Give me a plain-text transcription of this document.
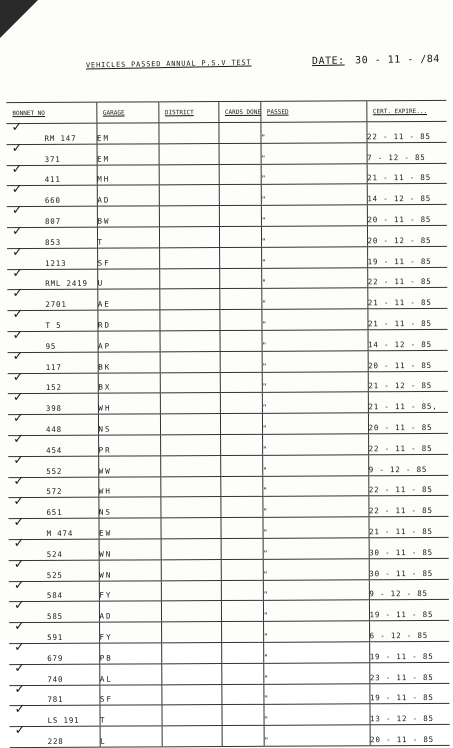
VEHICLES PASSED ANNUAL P.S.V TEST	DATE: 30 - 11 - /84
BONNET NO	GARAGE	DISTRICT	CARDS DONE	PASSED	CERT. EXPIRE...

✓
RM 147	EM			"	22 - 11 - 85

✓
371	EM			"	7 - 12 - 85

✓
411	MH			"	21 - 11 - 85

✓
660	AD			"	14 - 12 - 85

✓
807	BW			"	20 - 11 - 85

✓
853	T			"	20 - 12 - 85

✓
1213	SF			"	19 - 11 - 85

✓
RML 2419	U			"	22 - 11 - 85

✓
2701	AE			"	21 - 11 - 85

✓
T 5	RD			"	21 - 11 - 85

✓
95	AP			"	14 - 12 - 85

✓
117	BK			"	20 - 11 - 85

✓
152	BX			"	21 - 12 - 85

✓
398	WH			"	21 - 11 - 85,

✓
448	NS			"	20 - 11 - 85

✓
454	PR			"	22 - 11 - 85

✓
552	WW			"	9 - 12 - 85

✓
572	WH			"	22 - 11 - 85

✓
651	NS			"	22 - 11 - 85

✓
M 474	EW			"	21 - 11 - 85

✓
524	WN			"	30 - 11 - 85

✓
525	WN			"	30 - 11 - 85

✓
584	FY			"	9 - 12 - 85

✓
585	AD			"	19 - 11 - 85

✓
591	FY			"	6 - 12 - 85

✓
679	PB			"	19 - 11 - 85

✓
740	AL			"	23 - 11 - 85

✓
781	SF			"	19 - 11 - 85

✓
LS 191	T			"	13 - 12 - 85

✓
228	L			"	20 - 11 - 85
